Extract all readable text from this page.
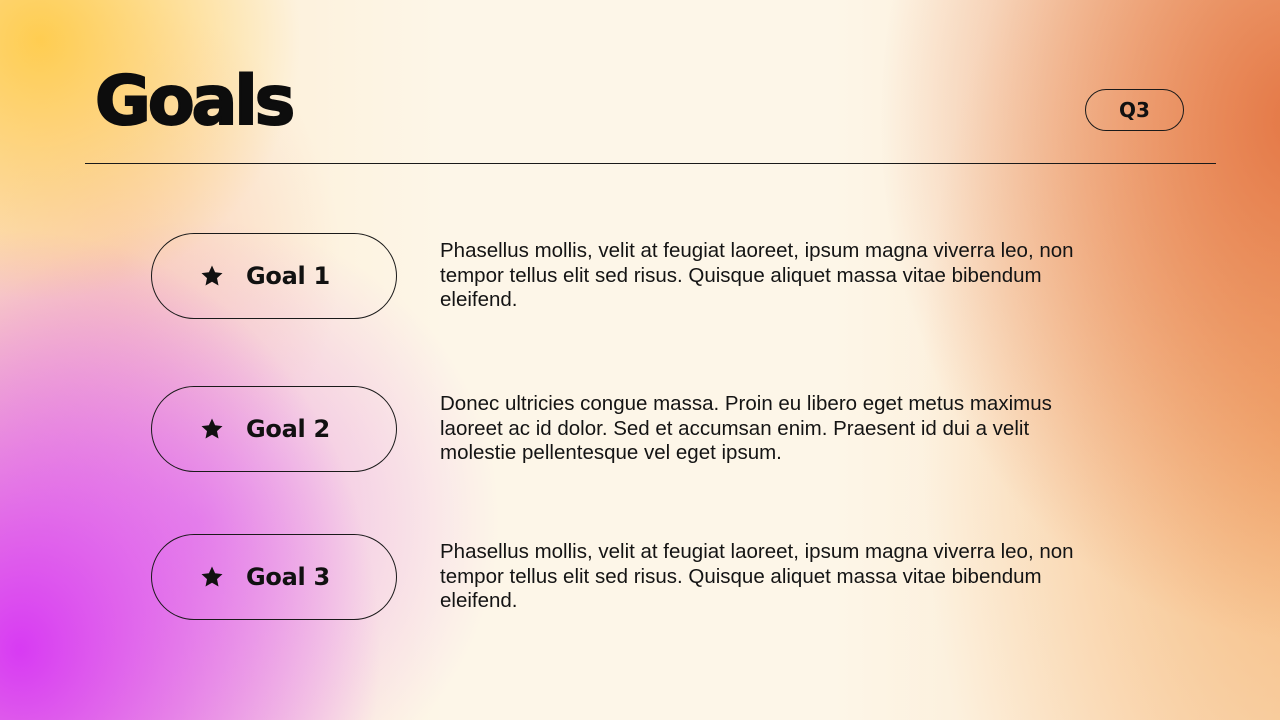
Goals	Q3
Goal 1

Phasellus mollis, velit at feugiat laoreet, ipsum magna viverra leo, non tempor tellus elit sed risus. Quisque aliquet massa vitae bibendum eleifend.

Goal 2

Donec ultricies congue massa. Proin eu libero eget metus maximus laoreet ac id dolor. Sed et accumsan enim. Praesent id dui a velit molestie pellentesque vel eget ipsum.

Goal 3

Phasellus mollis, velit at feugiat laoreet, ipsum magna viverra leo, non tempor tellus elit sed risus. Quisque aliquet massa vitae bibendum eleifend.
